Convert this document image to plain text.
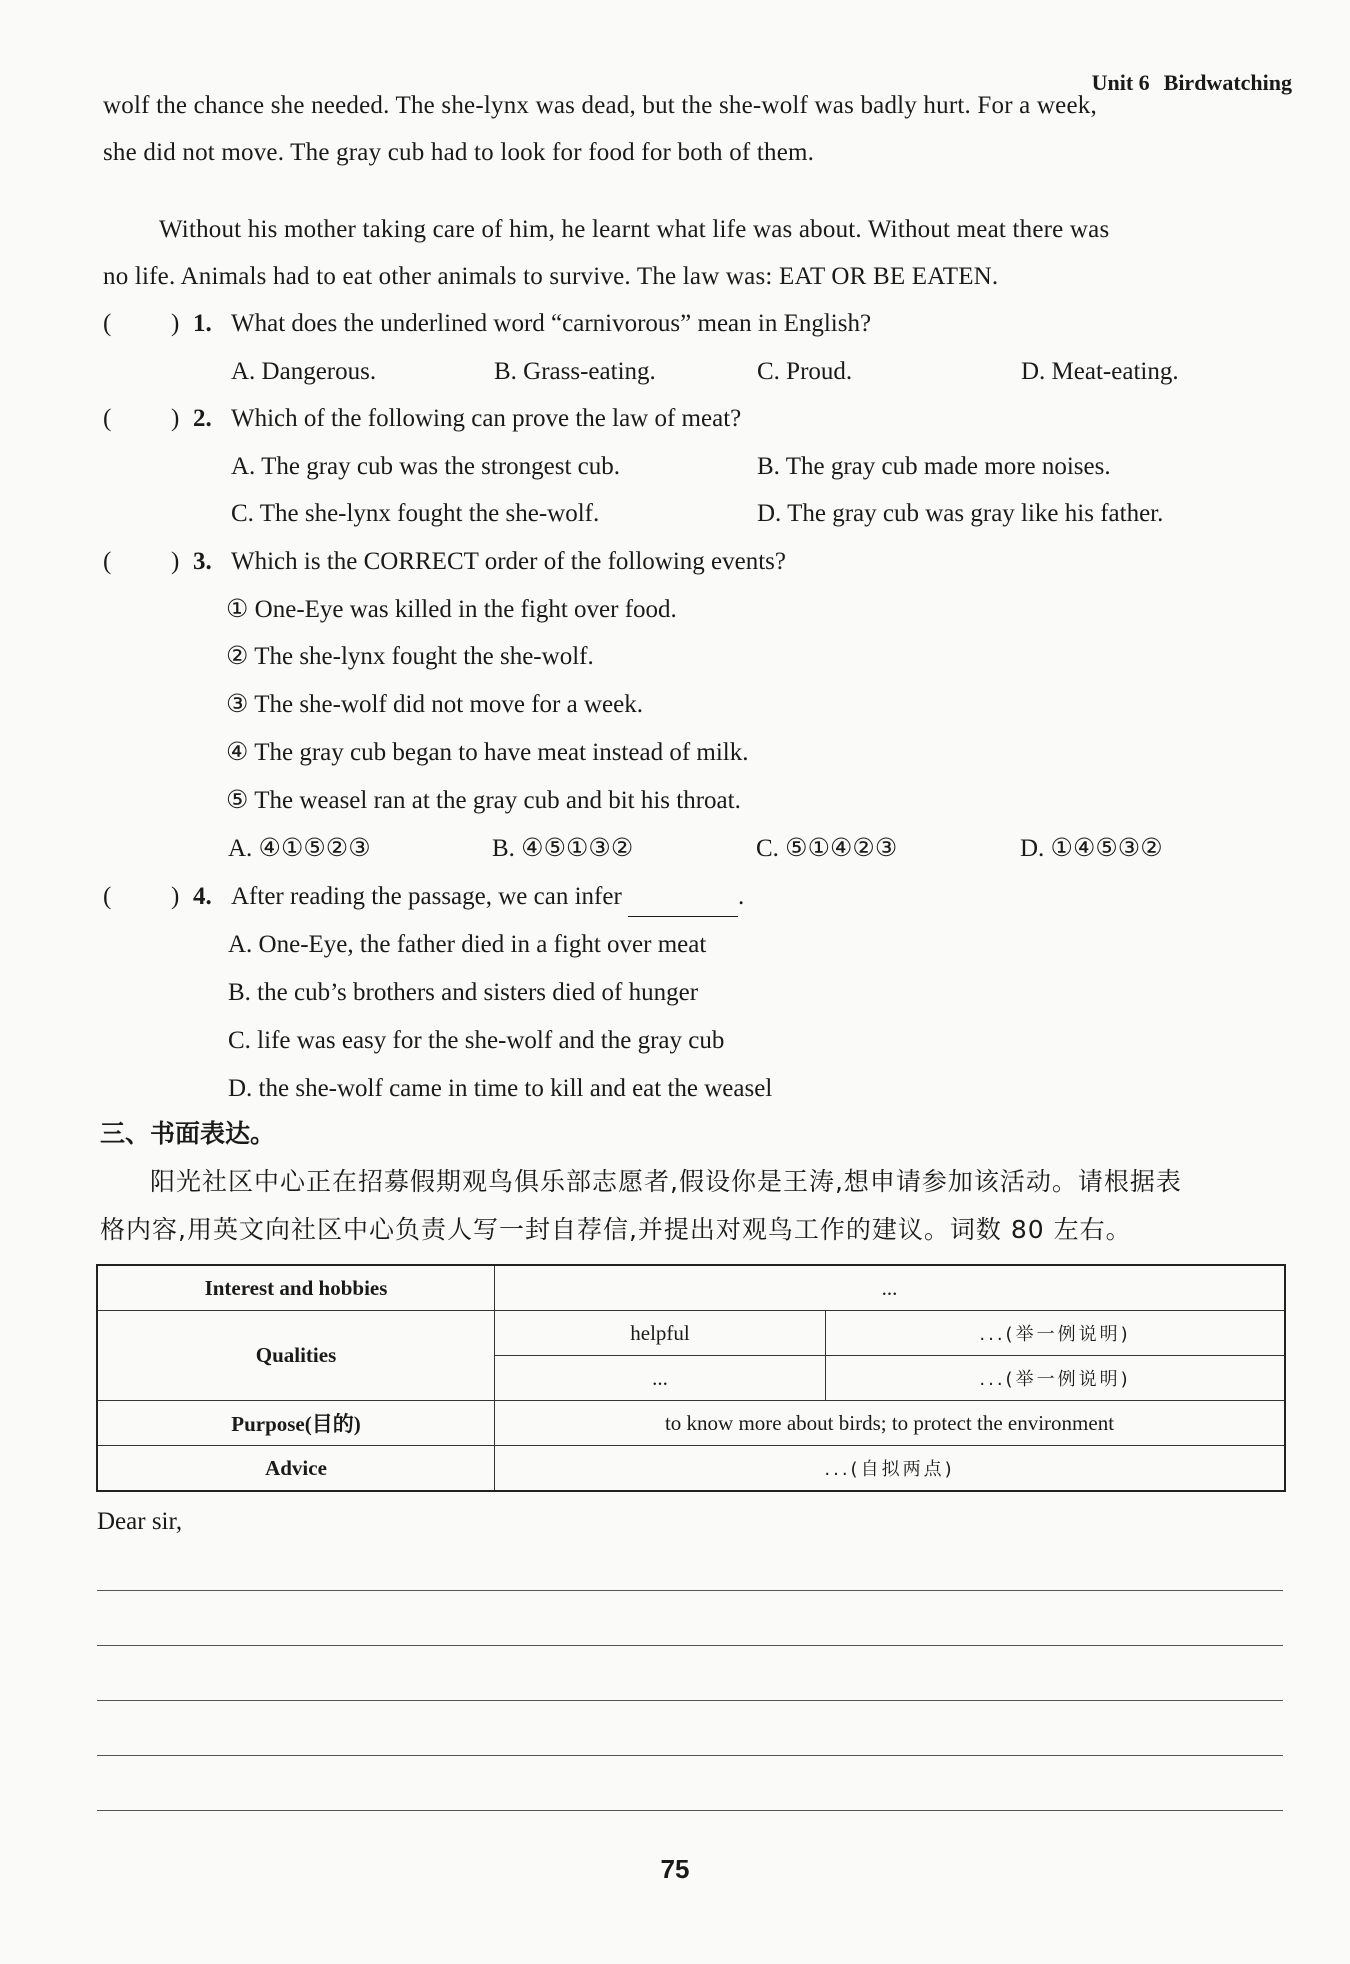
Unit 6 Birdwatching
wolf the chance she needed. The she-lynx was dead, but the she-wolf was badly hurt. For a week,
she did not move. The gray cub had to look for food for both of them.
Without his mother taking care of him, he learnt what life was about. Without meat there was
no life. Animals had to eat other animals to survive. The law was: EAT OR BE EATEN.
( ) 1. What does the underlined word “carnivorous” mean in English?
A. Dangerous.	B. Grass-eating.	C. Proud.	D. Meat-eating.
( ) 2. Which of the following can prove the law of meat?
A. The gray cub was the strongest cub.	B. The gray cub made more noises.
C. The she-lynx fought the she-wolf.	D. The gray cub was gray like his father.
( ) 3. Which is the CORRECT order of the following events?
① One-Eye was killed in the fight over food.
② The she-lynx fought the she-wolf.
③ The she-wolf did not move for a week.
④ The gray cub began to have meat instead of milk.
⑤ The weasel ran at the gray cub and bit his throat.
A. ④①⑤②③	B. ④⑤①③②	C. ⑤①④②③	D. ①④⑤③②
( ) 4. After reading the passage, we can infer	.
A. One-Eye, the father died in a fight over meat
B. the cub’s brothers and sisters died of hunger
C. life was easy for the she-wolf and the gray cub
D. the she-wolf came in time to kill and eat the weasel
三、书面表达。
阳光社区中心正在招募假期观鸟俱乐部志愿者,假设你是王涛,想申请参加该活动。请根据表
格内容,用英文向社区中心负责人写一封自荐信,并提出对观鸟工作的建议。词数 80 左右。
Interest and hobbies	...	
Qualities	helpful	...(举一例说明)
	...	...(举一例说明)
Purpose(目的)	to know more about birds; to protect the environment	
Advice	...(自拟两点)	
Dear sir,
75
